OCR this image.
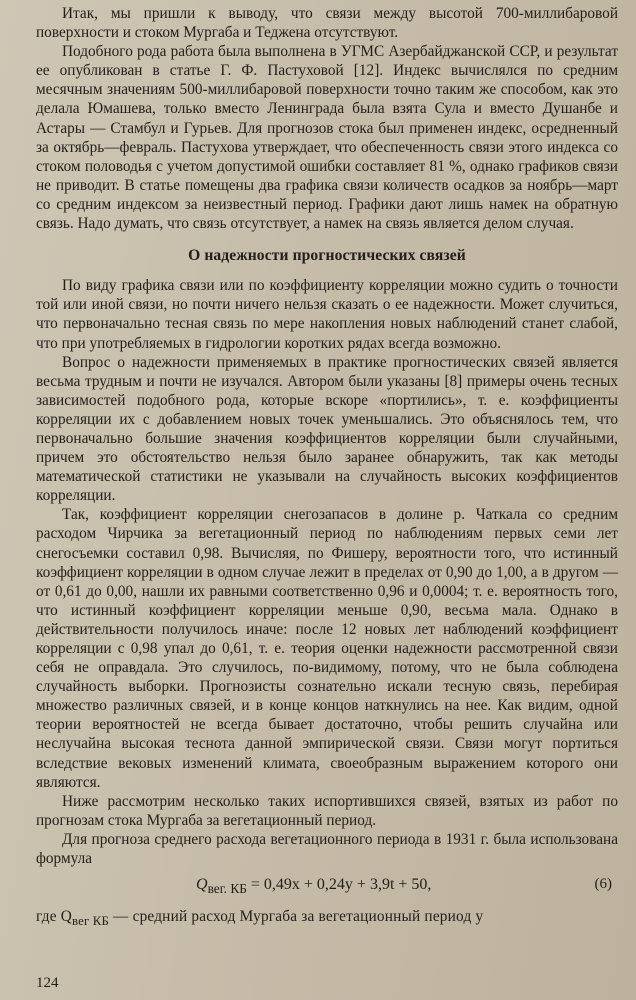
Итак, мы пришли к выводу, что связи между высотой 700-миллибаровой поверхности и стоком Мургаба и Теджена отсутствуют.

Подобного рода работа была выполнена в УГМС Азербайджанской ССР, и результат ее опубликован в статье Г. Ф. Пастуховой [12]. Индекс вычислялся по средним месячным значениям 500-миллибаровой поверхности точно таким же способом, как это делала Юмашева, только вместо Ленинграда была взята Сула и вместо Душанбе и Астары — Стамбул и Гурьев. Для прогнозов стока был применен индекс, осредненный за октябрь—февраль. Пастухова утверждает, что обеспеченность связи этого индекса со стоком половодья с учетом допустимой ошибки составляет 81 %, однако графиков связи не приводит. В статье помещены два графика связи количеств осадков за ноябрь—март со средним индексом за неизвестный период. Графики дают лишь намек на обратную связь. Надо думать, что связь отсутствует, а намек на связь является делом случая.

О надежности прогностических связей

По виду графика связи или по коэффициенту корреляции можно судить о точности той или иной связи, но почти ничего нельзя сказать о ее надежности. Может случиться, что первоначально тесная связь по мере накопления новых наблюдений станет слабой, что при употребляемых в гидрологии коротких рядах всегда возможно.

Вопрос о надежности применяемых в практике прогностических связей является весьма трудным и почти не изучался. Автором были указаны [8] примеры очень тесных зависимостей подобного рода, которые вскоре «портились», т. е. коэффициенты корреляции их с добавлением новых точек уменьшались. Это объяснялось тем, что первоначально большие значения коэффициентов корреляции были случайными, причем это обстоятельство нельзя было заранее обнаружить, так как методы математической статистики не указывали на случайность высоких коэффициентов корреляции.

Так, коэффициент корреляции снегозапасов в долине р. Чаткала со средним расходом Чирчика за вегетационный период по наблюдениям первых семи лет снегосъемки составил 0,98. Вычисляя, по Фишеру, вероятности того, что истинный коэффициент корреляции в одном случае лежит в пределах от 0,90 до 1,00, а в другом — от 0,61 до 0,00, нашли их равными соответственно 0,96 и 0,0004; т. е. вероятность того, что истинный коэффициент корреляции меньше 0,90, весьма мала. Однако в действительности получилось иначе: после 12 новых лет наблюдений коэффициент корреляции с 0,98 упал до 0,61, т. е. теория оценки надежности рассмотренной связи себя не оправдала. Это случилось, по-видимому, потому, что не была соблюдена случайность выборки. Прогнозисты сознательно искали тесную связь, перебирая множество различных связей, и в конце концов наткнулись на нее. Как видим, одной теории вероятностей не всегда бывает достаточно, чтобы решить случайна или неслучайна высокая теснота данной эмпирической связи. Связи могут портиться вследствие вековых изменений климата, своеобразным выражением которого они являются.

Ниже рассмотрим несколько таких испортившихся связей, взятых из работ по прогнозам стока Мургаба за вегетационный период.

Для прогноза среднего расхода вегетационного периода в 1931 г. была использована формула

$Q_{вег. КБ} = 0,49x + 0,24y + 3,9t + 50$,	(6)

где $Q_{вег КБ}$ — средний расход Мургаба за вегетационный период у

124
